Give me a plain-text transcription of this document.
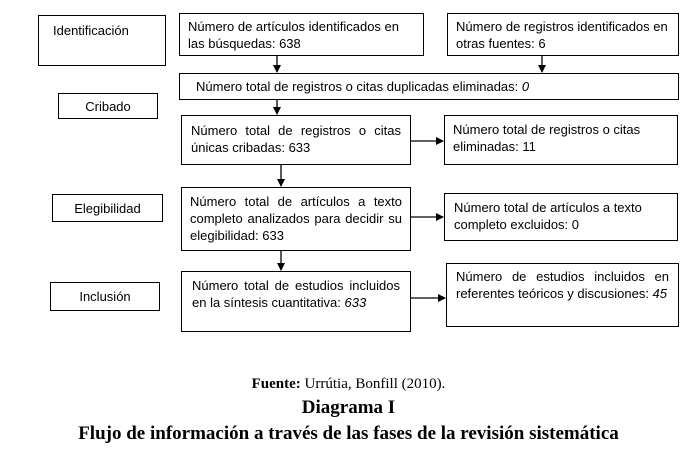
Identificación
Cribado
Elegibilidad
Inclusión
Número de artículos identificados en las búsquedas: 638
Número de registros identificados en otras fuentes: 6
Número total de registros o citas duplicadas eliminadas: 0
Número total de registros o citas únicas cribadas: 633
Número total de registros o citas eliminadas: 11
Número total de artículos a texto completo analizados para decidir su elegibilidad: 633
Número total de artículos a texto completo excluidos: 0
Número total de estudios incluidos en la síntesis cuantitativa: 633
Número de estudios incluidos en referentes teóricos y discusiones: 45
Fuente: Urrútia, Bonfill (2010).
Diagrama I
Flujo de información a través de las fases de la revisión sistemática
